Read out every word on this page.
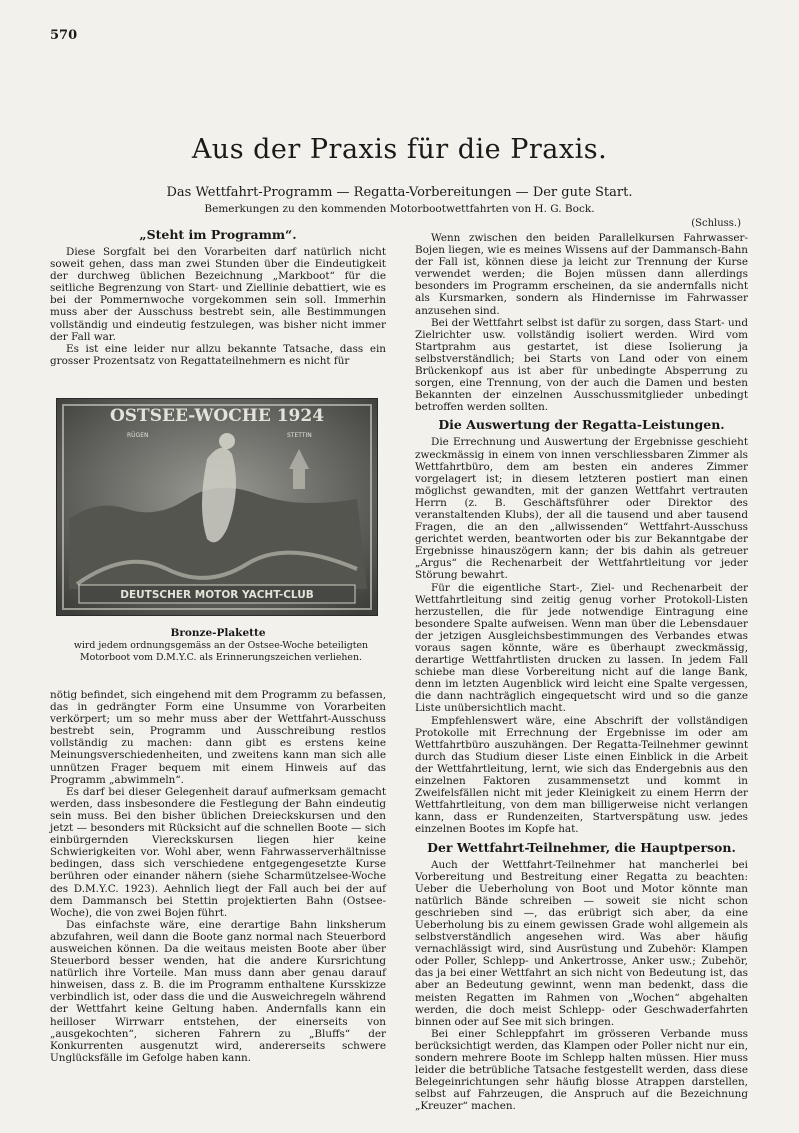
570
Aus der Praxis für die Praxis.
Das Wettfahrt-Programm — Regatta-Vorbereitungen — Der gute Start.
Bemerkungen zu den kommenden Motorbootwettfahrten von H. G. Bock.
(Schluss.)
„Steht im Programm“.

Diese Sorgfalt bei den Vorarbeiten darf natürlich nicht soweit gehen, dass man zwei Stunden über die Eindeutigkeit der durchweg üblichen Bezeichnung „Markboot“ für die seitliche Begrenzung von Start- und Ziellinie debattiert, wie es bei der Pommernwoche vorgekommen sein soll. Immerhin muss aber der Ausschuss bestrebt sein, alle Bestimmungen vollständig und eindeutig festzulegen, was bisher nicht immer der Fall war.

Es ist eine leider nur allzu bekannte Tatsache, dass ein grosser Prozentsatz von Regattateilnehmern es nicht für

OSTSEE-WOCHE 1924
RÜGEN	STETTIN
DEUTSCHER MOTOR YACHT-CLUB
Bronze-Plakette
wird jedem ordnungsgemäss an der Ostsee-Woche beteiligten Motorboot vom D.M.Y.C. als Erinnerungszeichen verliehen.

nötig befindet, sich eingehend mit dem Programm zu befassen, das in gedrängter Form eine Unsumme von Vorarbeiten verkörpert; um so mehr muss aber der Wettfahrt-Ausschuss bestrebt sein, Programm und Ausschreibung restlos vollständig zu machen: dann gibt es erstens keine Meinungsverschiedenheiten, und zweitens kann man sich alle unnützen Frager bequem mit einem Hinweis auf das Programm „abwimmeln“.

Es darf bei dieser Gelegenheit darauf aufmerksam gemacht werden, dass insbesondere die Festlegung der Bahn eindeutig sein muss. Bei den bisher üblichen Dreieckskursen und den jetzt — besonders mit Rücksicht auf die schnellen Boote — sich einbürgernden Viereckskursen liegen hier keine Schwierigkeiten vor. Wohl aber, wenn Fahrwasserverhältnisse bedingen, dass sich verschiedene entgegengesetzte Kurse berühren oder einander nähern (siehe Scharmützelsee-Woche des D.M.Y.C. 1923). Aehnlich liegt der Fall auch bei der auf dem Dammansch bei Stettin projektierten Bahn (Ostsee-Woche), die von zwei Bojen führt.

Das einfachste wäre, eine derartige Bahn linksherum abzufahren, weil dann die Boote ganz normal nach Steuerbord ausweichen können. Da die weitaus meisten Boote aber über Steuerbord besser wenden, hat die andere Kursrichtung natürlich ihre Vorteile. Man muss dann aber genau darauf hinweisen, dass z. B. die im Programm enthaltene Kursskizze verbindlich ist, oder dass die und die Ausweichregeln während der Wettfahrt keine Geltung haben. Andernfalls kann ein heilloser Wirrwarr entstehen, der einerseits von „ausgekochten“, sicheren Fahrern zu „Bluffs“ der Konkurrenten ausgenutzt wird, andererseits schwere Unglücksfälle im Gefolge haben kann.

Wenn zwischen den beiden Parallelkursen Fahrwasser-Bojen liegen, wie es meines Wissens auf der Dammansch-Bahn der Fall ist, können diese ja leicht zur Trennung der Kurse verwendet werden; die Bojen müssen dann allerdings besonders im Programm erscheinen, da sie andernfalls nicht als Kursmarken, sondern als Hindernisse im Fahrwasser anzusehen sind.

Bei der Wettfahrt selbst ist dafür zu sorgen, dass Start- und Zielrichter usw. vollständig isoliert werden. Wird vom Startprahm aus gestartet, ist diese Isolierung ja selbstverständlich; bei Starts von Land oder von einem Brückenkopf aus ist aber für unbedingte Absperrung zu sorgen, eine Trennung, von der auch die Damen und besten Bekannten der einzelnen Ausschussmitglieder unbedingt betroffen werden sollten.

Die Auswertung der Regatta-Leistungen.

Die Errechnung und Auswertung der Ergebnisse geschieht zweckmässig in einem von innen verschliessbaren Zimmer als Wettfahrtbüro, dem am besten ein anderes Zimmer vorgelagert ist; in diesem letzteren postiert man einen möglichst gewandten, mit der ganzen Wettfahrt vertrauten Herrn (z. B. Geschäftsführer oder Direktor des veranstaltenden Klubs), der all die tausend und aber tausend Fragen, die an den „allwissenden“ Wettfahrt-Ausschuss gerichtet werden, beantworten oder bis zur Bekanntgabe der Ergebnisse hinauszögern kann; der bis dahin als getreuer „Argus“ die Rechenarbeit der Wettfahrtleitung vor jeder Störung bewahrt.

Für die eigentliche Start-, Ziel- und Rechenarbeit der Wettfahrtleitung sind zeitig genug vorher Protokoll-Listen herzustellen, die für jede notwendige Eintragung eine besondere Spalte aufweisen. Wenn man über die Lebensdauer der jetzigen Ausgleichsbestimmungen des Verbandes etwas voraus sagen könnte, wäre es überhaupt zweckmässig, derartige Wettfahrtlisten drucken zu lassen. In jedem Fall schiebe man diese Vorbereitung nicht auf die lange Bank, denn im letzten Augenblick wird leicht eine Spalte vergessen, die dann nachträglich eingequetscht wird und so die ganze Liste unübersichtlich macht.

Empfehlenswert wäre, eine Abschrift der vollständigen Protokolle mit Errechnung der Ergebnisse im oder am Wettfahrtbüro auszuhängen. Der Regatta-Teilnehmer gewinnt durch das Studium dieser Liste einen Einblick in die Arbeit der Wettfahrtleitung, lernt, wie sich das Endergebnis aus den einzelnen Faktoren zusammensetzt und kommt in Zweifelsfällen nicht mit jeder Kleinigkeit zu einem Herrn der Wettfahrtleitung, von dem man billigerweise nicht verlangen kann, dass er Rundenzeiten, Startverspätung usw. jedes einzelnen Bootes im Kopfe hat.

Der Wettfahrt-Teilnehmer, die Hauptperson.

Auch der Wettfahrt-Teilnehmer hat mancherlei bei Vorbereitung und Bestreitung einer Regatta zu beachten: Ueber die Ueberholung von Boot und Motor könnte man natürlich Bände schreiben — soweit sie nicht schon geschrieben sind —, das erübrigt sich aber, da eine Ueberholung bis zu einem gewissen Grade wohl allgemein als selbstverständlich angesehen wird. Was aber häufig vernachlässigt wird, sind Ausrüstung und Zubehör: Klampen oder Poller, Schlepp- und Ankertrosse, Anker usw.; Zubehör, das ja bei einer Wettfahrt an sich nicht von Bedeutung ist, das aber an Bedeutung gewinnt, wenn man bedenkt, dass die meisten Regatten im Rahmen von „Wochen“ abgehalten werden, die doch meist Schlepp- oder Geschwaderfahrten binnen oder auf See mit sich bringen.

Bei einer Schleppfahrt im grösseren Verbande muss berücksichtigt werden, das Klampen oder Poller nicht nur ein, sondern mehrere Boote im Schlepp halten müssen. Hier muss leider die betrübliche Tatsache festgestellt werden, dass diese Belegeinrichtungen sehr häufig blosse Atrappen darstellen, selbst auf Fahrzeugen, die Anspruch auf die Bezeichnung „Kreuzer“ machen.
